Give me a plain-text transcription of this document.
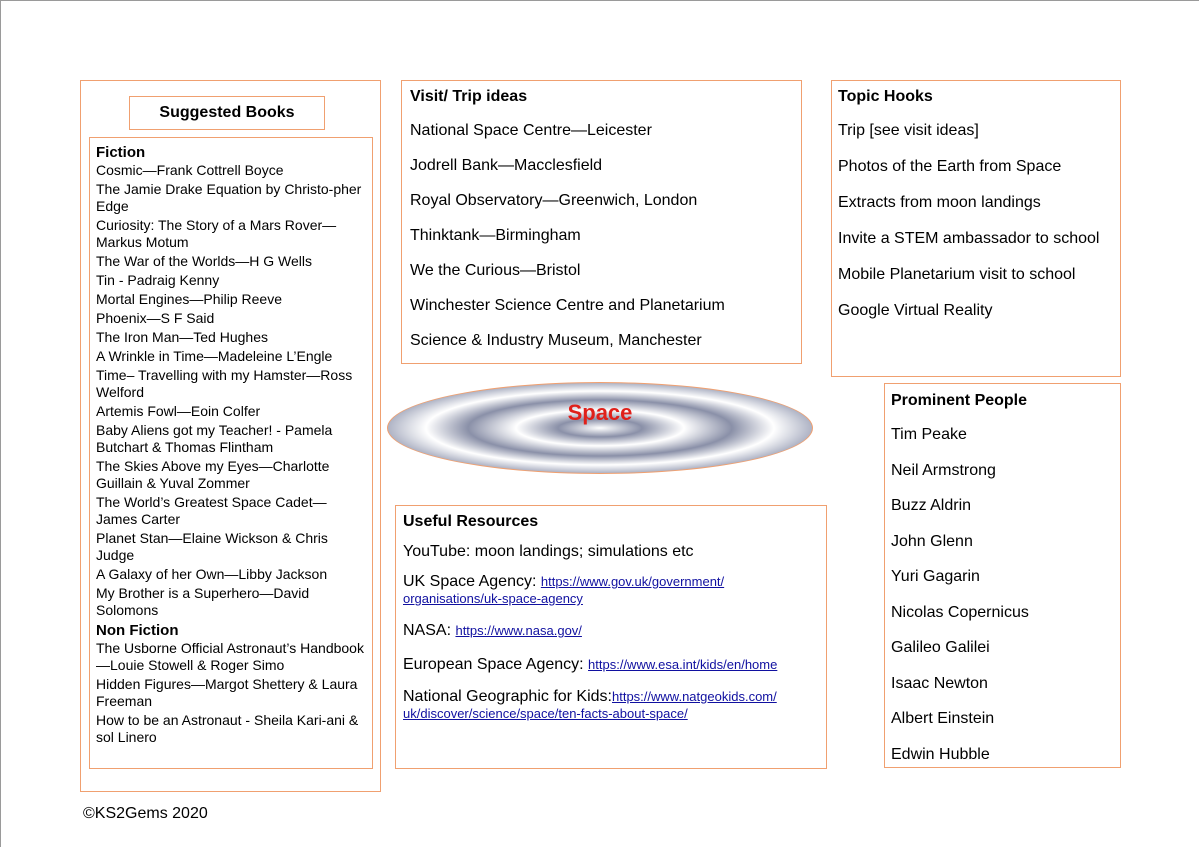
Suggested Books

Fiction

Cosmic—Frank Cottrell Boyce

The Jamie Drake Equation by Christo-pher Edge

Curiosity: The Story of a Mars Rover—Markus Motum

The War of the Worlds—H G Wells

Tin - Padraig Kenny

Mortal Engines—Philip Reeve

Phoenix—S F Said

The Iron Man—Ted Hughes

A Wrinkle in Time—Madeleine L’Engle

Time– Travelling with my Hamster—Ross Welford

Artemis Fowl—Eoin Colfer

Baby Aliens got my Teacher! - Pamela Butchart & Thomas Flintham

The Skies Above my Eyes—Charlotte Guillain & Yuval Zommer

The World’s Greatest Space Cadet—James Carter

Planet Stan—Elaine Wickson & Chris Judge

A Galaxy of her Own—Libby Jackson

My Brother is a Superhero—David Solomons

Non Fiction

The Usborne Official Astronaut’s Handbook—Louie Stowell & Roger Simo

Hidden Figures—Margot Shettery & Laura Freeman

How to be an Astronaut - Sheila Kari-ani & sol Linero

Visit/ Trip ideas

National Space Centre—Leicester

Jodrell Bank—Macclesfield

Royal Observatory—Greenwich, London

Thinktank—Birmingham

We the Curious—Bristol

Winchester Science Centre and Planetarium

Science & Industry Museum, Manchester

Topic Hooks

Trip [see visit ideas]

Photos of the Earth from Space

Extracts from moon landings

Invite a STEM ambassador to school

Mobile Planetarium visit to school

Google Virtual Reality

Space	Prominent People

Tim Peake

Neil Armstrong

Buzz Aldrin

John Glenn

Yuri Gagarin

Nicolas Copernicus

Galileo Galilei

Isaac Newton

Albert Einstein

Edwin Hubble

Useful Resources

YouTube: moon landings; simulations etc
UK Space Agency: https://www.gov.uk/government/
organisations/uk-space-agency
NASA: https://www.nasa.gov/
European Space Agency: https://www.esa.int/kids/en/home
National Geographic for Kids:https://www.natgeokids.com/
uk/discover/science/space/ten-facts-about-space/
©KS2Gems 2020
